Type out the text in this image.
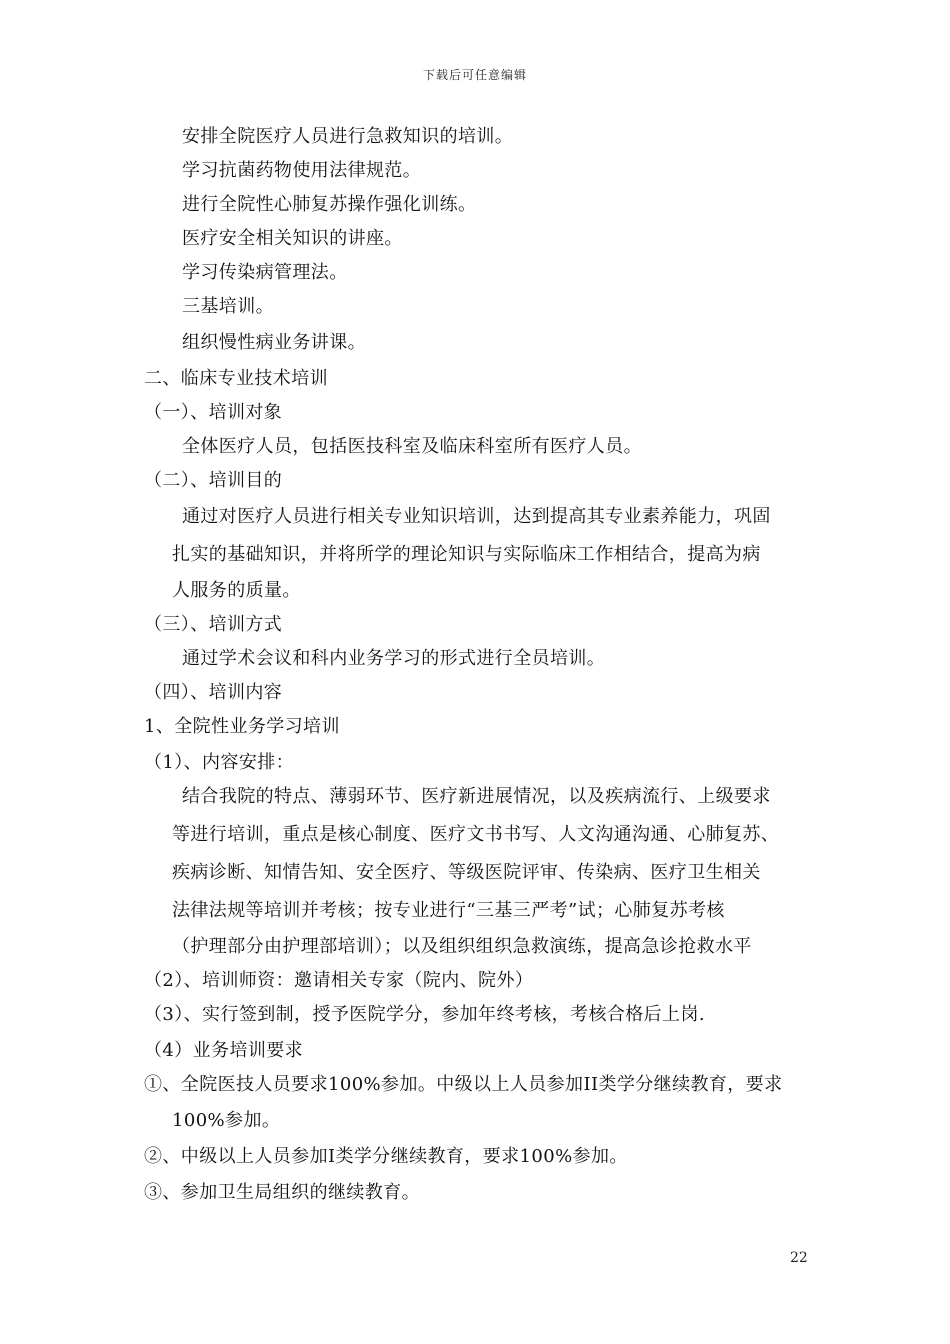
下载后可任意编辑
安排全院医疗人员进行急救知识的培训。
学习抗菌药物使用法律规范。
进行全院性心肺复苏操作强化训练。
医疗安全相关知识的讲座。
学习传染病管理法。
三基培训。
组织慢性病业务讲课。
二、临床专业技术培训
（一）、培训对象
全体医疗人员，包括医技科室及临床科室所有医疗人员。
（二）、培训目的
通过对医疗人员进行相关专业知识培训，达到提高其专业素养能力，巩固
扎实的基础知识，并将所学的理论知识与实际临床工作相结合，提高为病
人服务的质量。
（三）、培训方式
通过学术会议和科内业务学习的形式进行全员培训。
（四）、培训内容
1、全院性业务学习培训
（1）、内容安排：
结合我院的特点、薄弱环节、医疗新进展情况，以及疾病流行、上级要求
等进行培训，重点是核心制度、医疗文书书写、人文沟通沟通、心肺复苏、
疾病诊断、知情告知、安全医疗、等级医院评审、传染病、医疗卫生相关
法律法规等培训并考核；按专业进行“三基三严考”试；心肺复苏考核
（护理部分由护理部培训）；以及组织组织急救演练，提高急诊抢救水平
（2）、培训师资：邀请相关专家（院内、院外）
（3）、实行签到制，授予医院学分，参加年终考核，考核合格后上岗.
（4）业务培训要求
①、全院医技人员要求100%参加。中级以上人员参加II类学分继续教育，要求
100%参加。
②、中级以上人员参加Ⅰ类学分继续教育，要求100%参加。
③、参加卫生局组织的继续教育。
22
